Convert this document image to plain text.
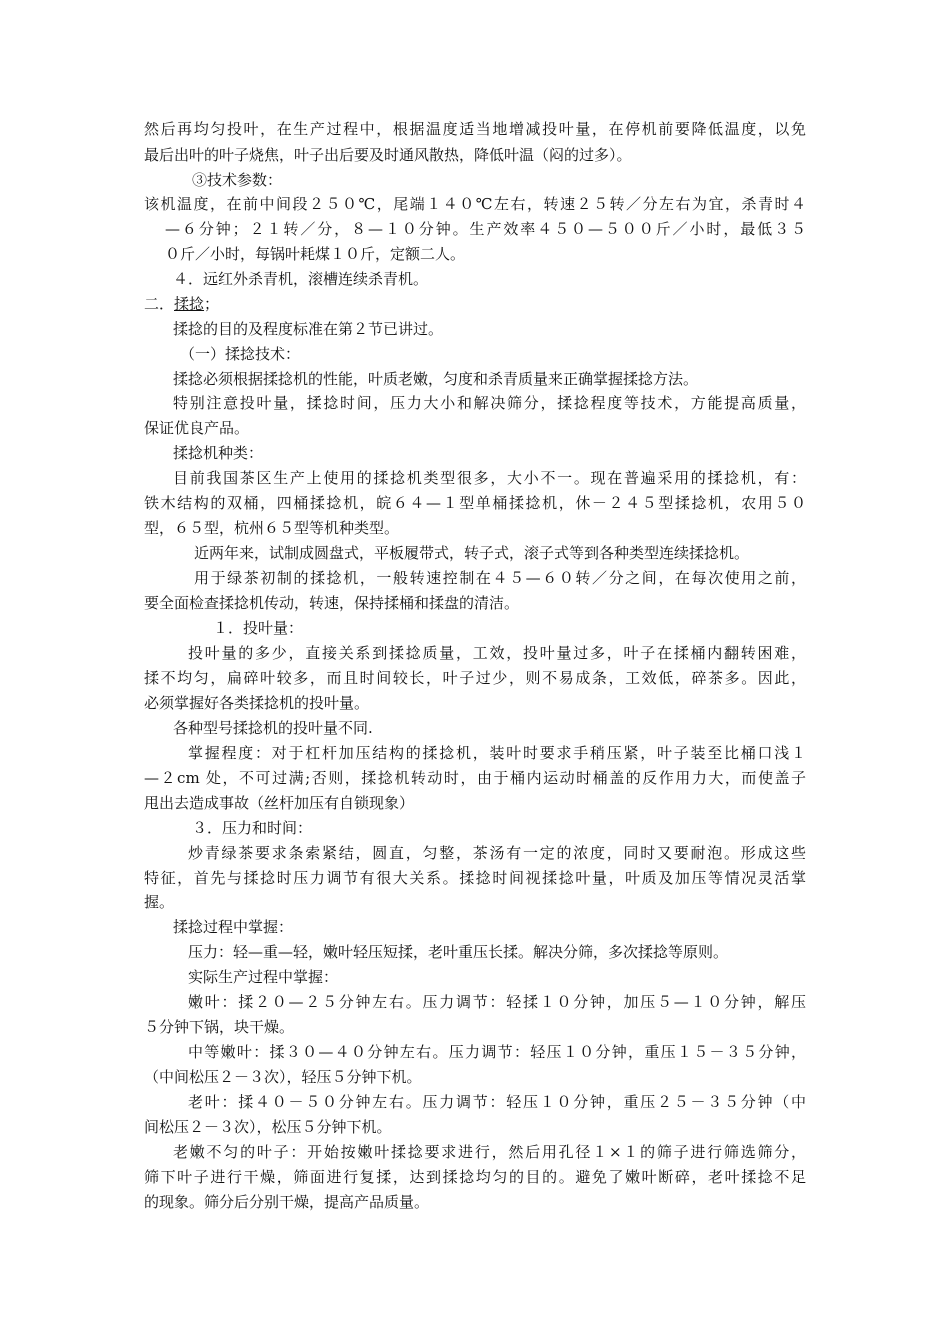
然后再均匀投叶，在生产过程中，根据温度适当地增减投叶量，在停机前要降低温度，以免
最后出叶的叶子烧焦，叶子出后要及时通风散热，降低叶温（闷的过多）。
③技术参数：
该机温度，在前中间段２５０℃，尾端１４０℃左右，转速２５转／分左右为宜，杀青时４
—６分钟；２１转／分，８—１０分钟。生产效率４５０—５００斤／小时，最低３５
０斤／小时，每锅叶耗煤１０斤，定额二人。
４．远红外杀青机，滚槽连续杀青机。
二．揉捻；
揉捻的目的及程度标准在第２节已讲过。
（一）揉捻技术：
揉捻必须根据揉捻机的性能，叶质老嫩，匀度和杀青质量来正确掌握揉捻方法。
特别注意投叶量，揉捻时间，压力大小和解决筛分，揉捻程度等技术，方能提高质量，
保证优良产品。
揉捻机种类：
目前我国茶区生产上使用的揉捻机类型很多，大小不一。现在普遍采用的揉捻机，有：
铁木结构的双桶，四桶揉捻机，皖６４—１型单桶揉捻机，休－２４５型揉捻机，农用５０
型，６５型，杭州６５型等机种类型。
近两年来，试制成圆盘式，平板履带式，转子式，滚子式等到各种类型连续揉捻机。
用于绿茶初制的揉捻机，一般转速控制在４５—６０转／分之间，在每次使用之前，
要全面检查揉捻机传动，转速，保持揉桶和揉盘的清洁。
１．投叶量：
投叶量的多少，直接关系到揉捻质量，工效，投叶量过多，叶子在揉桶内翻转困难，
揉不均匀，扁碎叶较多，而且时间较长，叶子过少，则不易成条，工效低，碎茶多。因此，
必须掌握好各类揉捻机的投叶量。
各种型号揉捻机的投叶量不同.
掌握程度：对于杠杆加压结构的揉捻机，装叶时要求手稍压紧，叶子装至比桶口浅１
—２cm 处，不可过满;否则，揉捻机转动时，由于桶内运动时桶盖的反作用力大，而使盖子
甩出去造成事故（丝杆加压有自锁现象）
３．压力和时间：
炒青绿茶要求条索紧结，圆直，匀整，茶汤有一定的浓度，同时又要耐泡。形成这些
特征，首先与揉捻时压力调节有很大关系。揉捻时间视揉捻叶量，叶质及加压等情况灵活掌
握。
揉捻过程中掌握：
压力：轻—重—轻，嫩叶轻压短揉，老叶重压长揉。解决分筛，多次揉捻等原则。
实际生产过程中掌握：
嫩叶：揉２０—２５分钟左右。压力调节：轻揉１０分钟，加压５—１０分钟，解压
５分钟下锅，块干燥。
中等嫩叶：揉３０—４０分钟左右。压力调节：轻压１０分钟，重压１５－３５分钟，
（中间松压２－３次），轻压５分钟下机。
老叶：揉４０－５０分钟左右。压力调节：轻压１０分钟，重压２５－３５分钟（中
间松压２－３次），松压５分钟下机。
老嫩不匀的叶子：开始按嫩叶揉捻要求进行，然后用孔径１×１的筛子进行筛选筛分，
筛下叶子进行干燥，筛面进行复揉，达到揉捻均匀的目的。避免了嫩叶断碎，老叶揉捻不足
的现象。筛分后分别干燥，提高产品质量。
